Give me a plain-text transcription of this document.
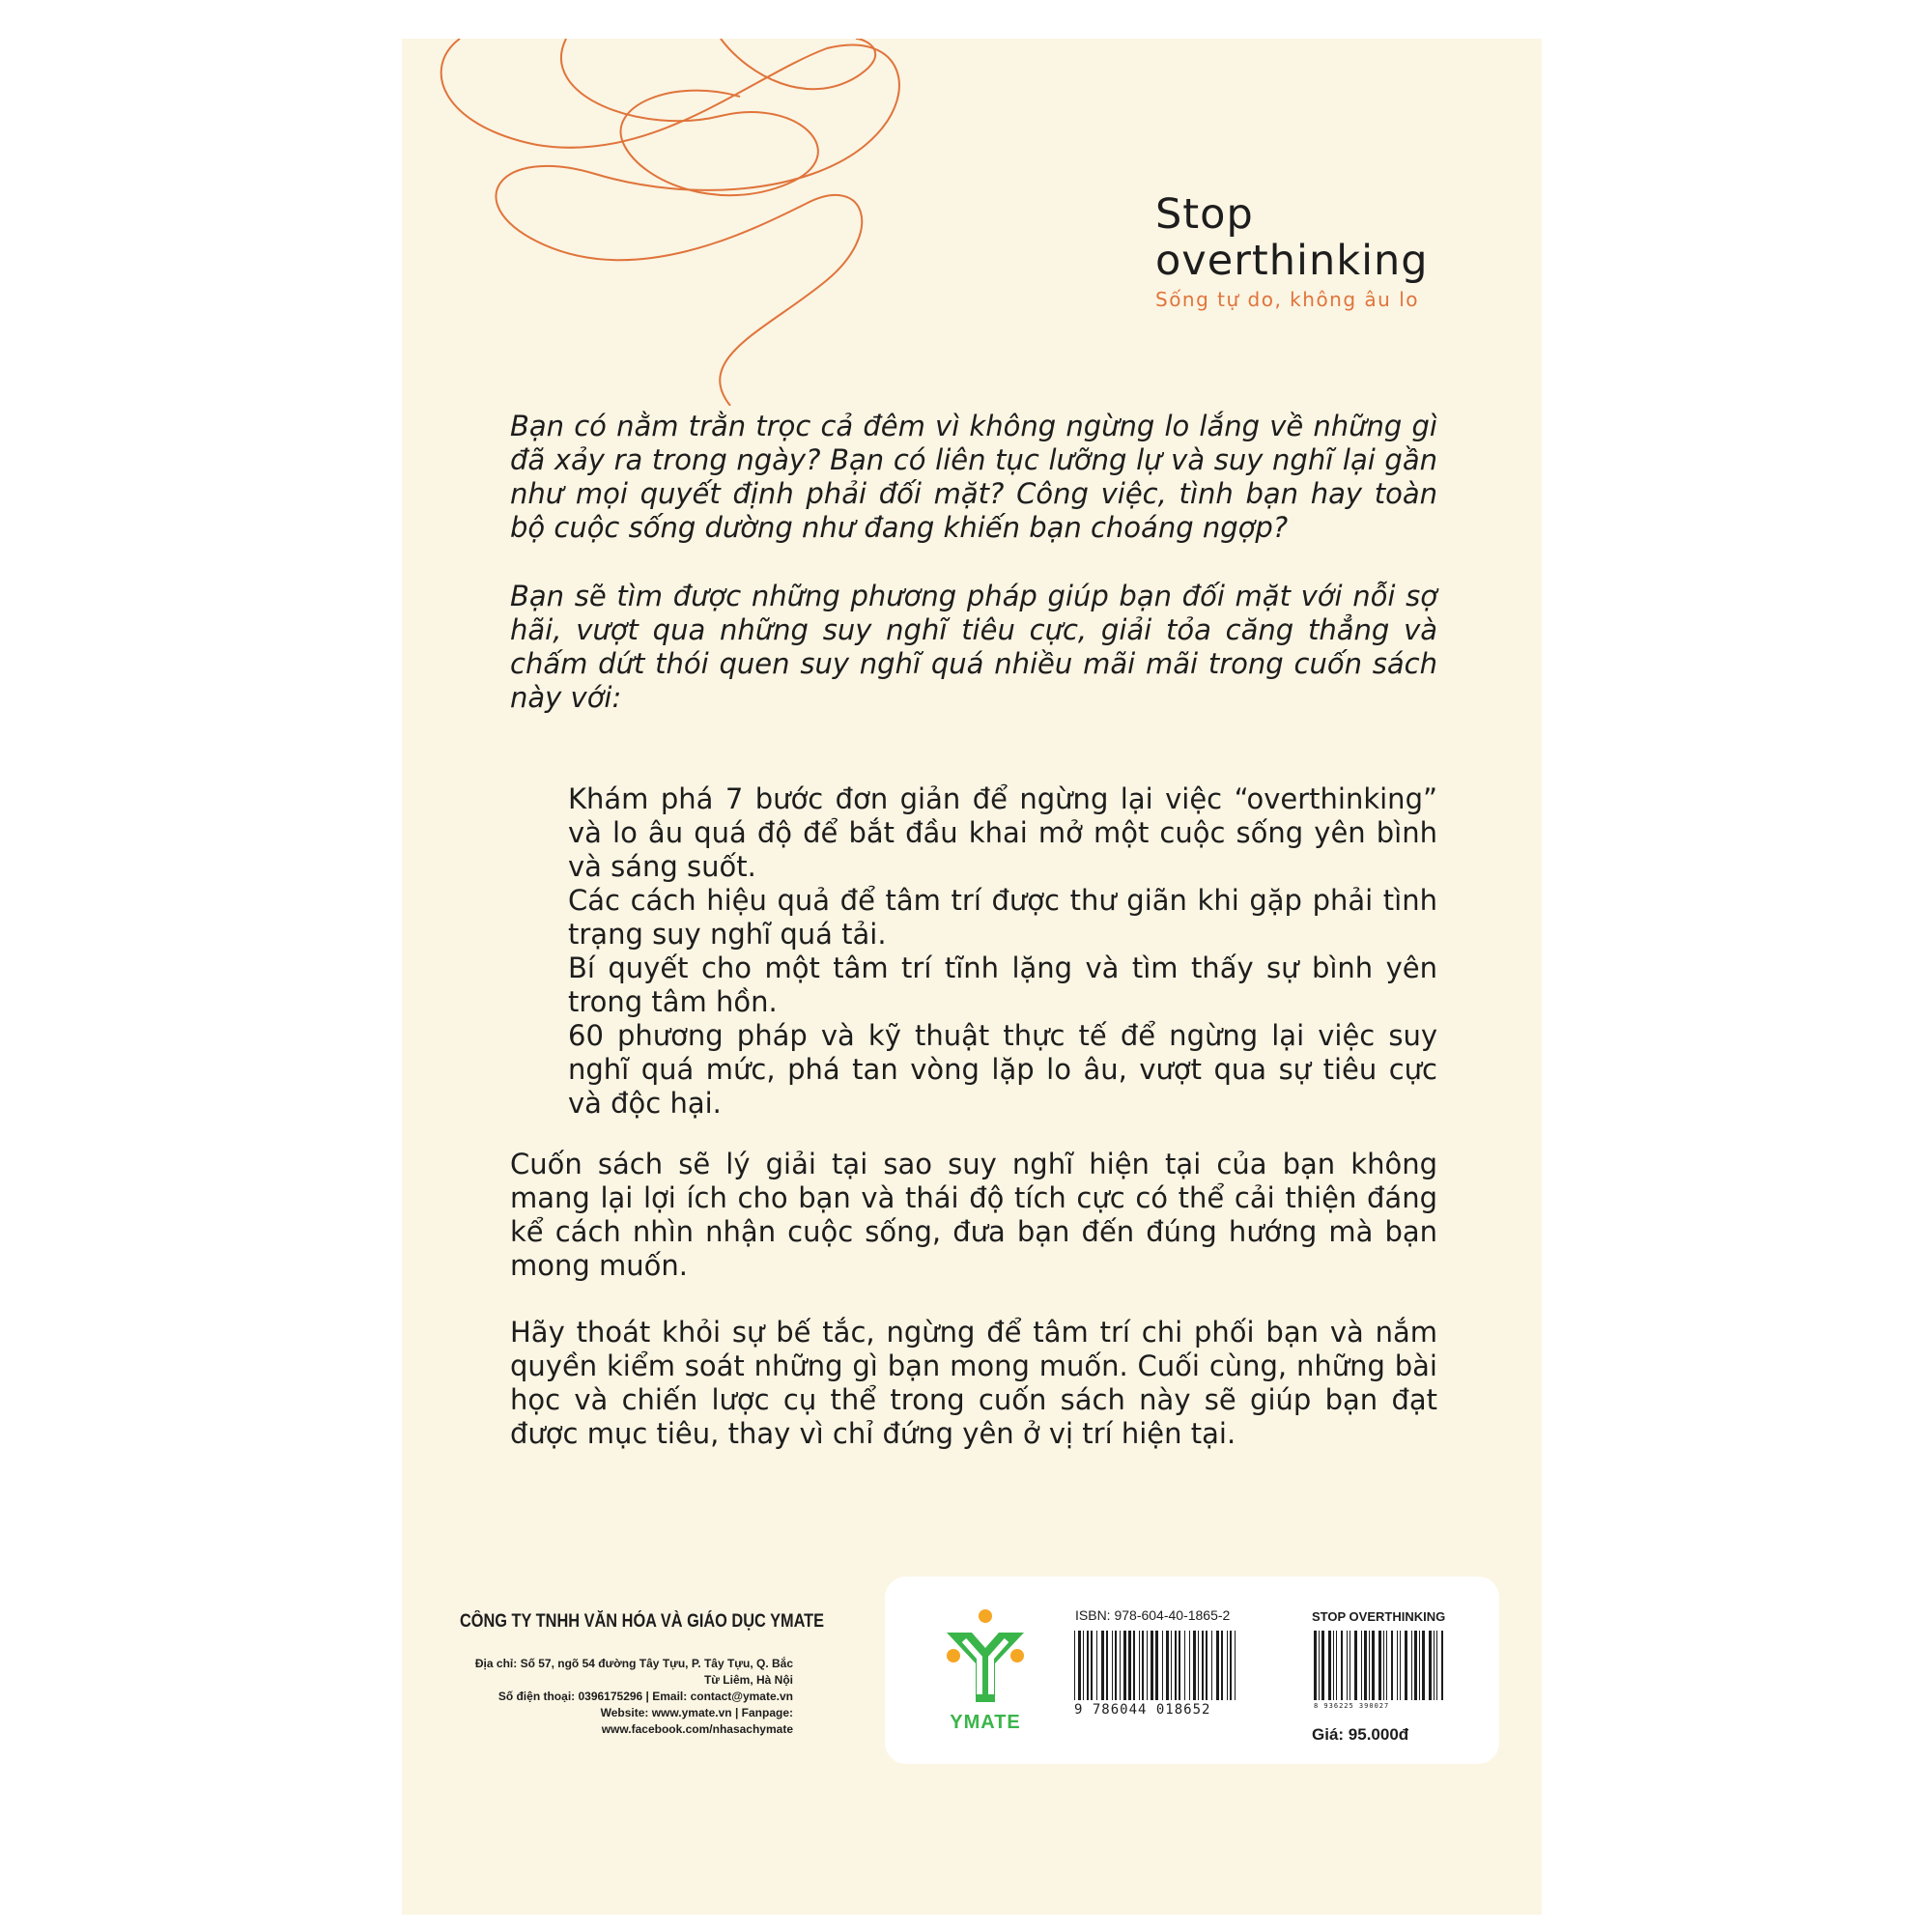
Stop
overthinking
Sống tự do, không âu lo
Bạn có nằm trằn trọc cả đêm vì không ngừng lo lắng về những gì đã xảy ra trong ngày? Bạn có liên tục lưỡng lự và suy nghĩ lại gần như mọi quyết định phải đối mặt? Công việc, tình bạn hay toàn bộ cuộc sống dường như đang khiến bạn choáng ngợp?
Bạn sẽ tìm được những phương pháp giúp bạn đối mặt với nỗi sợ hãi, vượt qua những suy nghĩ tiêu cực, giải tỏa căng thẳng và chấm dứt thói quen suy nghĩ quá nhiều mãi mãi trong cuốn sách này với:
Khám phá 7 bước đơn giản để ngừng lại việc “overthinking” và lo âu quá độ để bắt đầu khai mở một cuộc sống yên bình và sáng suốt.
Các cách hiệu quả để tâm trí được thư giãn khi gặp phải tình trạng suy nghĩ quá tải.
Bí quyết cho một tâm trí tĩnh lặng và tìm thấy sự bình yên trong tâm hồn.
60 phương pháp và kỹ thuật thực tế để ngừng lại việc suy nghĩ quá mức, phá tan vòng lặp lo âu, vượt qua sự tiêu cực và độc hại.
Cuốn sách sẽ lý giải tại sao suy nghĩ hiện tại của bạn không mang lại lợi ích cho bạn và thái độ tích cực có thể cải thiện đáng kể cách nhìn nhận cuộc sống, đưa bạn đến đúng hướng mà bạn mong muốn.
Hãy thoát khỏi sự bế tắc, ngừng để tâm trí chi phối bạn và nắm quyền kiểm soát những gì bạn mong muốn. Cuối cùng, những bài học và chiến lược cụ thể trong cuốn sách này sẽ giúp bạn đạt được mục tiêu, thay vì chỉ đứng yên ở vị trí hiện tại.
CÔNG TY TNHH VĂN HÓA VÀ GIÁO DỤC YMATE
Địa chỉ: Số 57, ngõ 54 đường Tây Tựu, P. Tây Tựu, Q. Bắc Từ Liêm, Hà Nội
Số điện thoại: 0396175296 | Email: contact@ymate.vn
Website: www.ymate.vn | Fanpage: www.facebook.com/nhasachymate	YMATE
ISBN: 978-604-40-1865-2
9 786044 018652
STOP OVERTHINKING
8 936225 390027
Giá: 95.000đ
